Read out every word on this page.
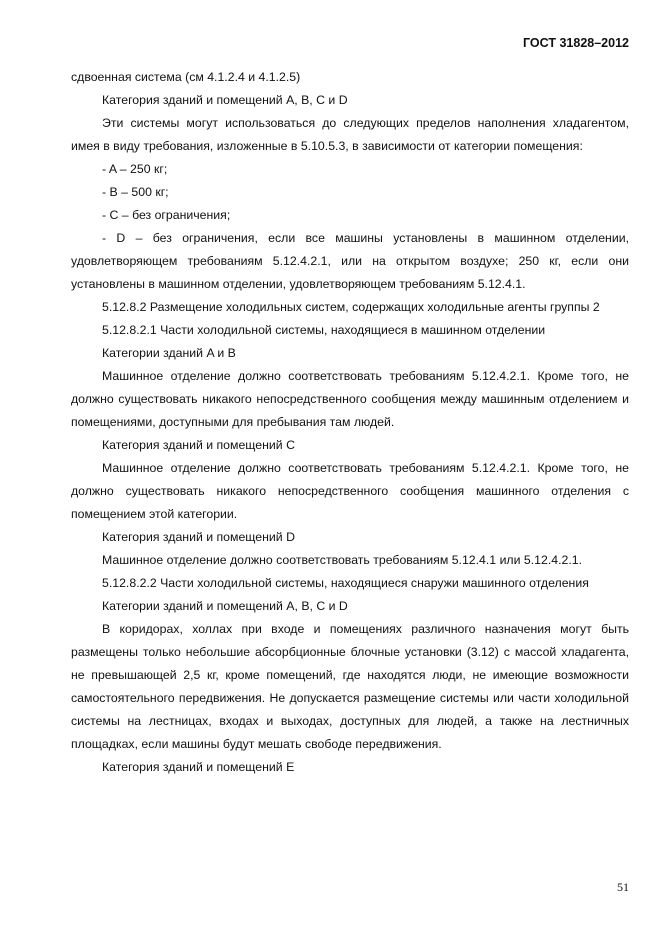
ГОСТ 31828–2012

сдвоенная система (см 4.1.2.4 и 4.1.2.5)

Категория зданий и помещений A, B, C и D

Эти системы могут использоваться до следующих пределов наполнения хладагентом, имея в виду требования, изложенные в 5.10.5.3, в зависимости от категории помещения:

- A – 250 кг;

- B – 500 кг;

- C – без ограничения;

- D – без ограничения, если все машины установлены в машинном отделении, удовлетворяющем требованиям 5.12.4.2.1, или на открытом воздухе; 250 кг, если они установлены в машинном отделении, удовлетворяющем требованиям 5.12.4.1.

5.12.8.2 Размещение холодильных систем, содержащих холодильные агенты группы 2

5.12.8.2.1 Части холодильной системы, находящиеся в машинном отделении

Категории зданий A и B

Машинное отделение должно соответствовать требованиям 5.12.4.2.1. Кроме того, не должно существовать никакого непосредственного сообщения между машинным отделением и помещениями, доступными для пребывания там людей.

Категория зданий и помещений C

Машинное отделение должно соответствовать требованиям 5.12.4.2.1. Кроме того, не должно существовать никакого непосредственного сообщения машинного отделения с помещением этой категории.

Категория зданий и помещений D

Машинное отделение должно соответствовать требованиям 5.12.4.1 или 5.12.4.2.1.

5.12.8.2.2 Части холодильной системы, находящиеся снаружи машинного отделения

Категории зданий и помещений A, B, C и D

В коридорах, холлах при входе и помещениях различного назначения могут быть размещены только небольшие абсорбционные блочные установки (3.12) с массой хладагента, не превышающей 2,5 кг, кроме помещений, где находятся люди, не имеющие возможности самостоятельного передвижения. Не допускается размещение системы или части холодильной системы на лестницах, входах и выходах, доступных для людей, а также на лестничных площадках, если машины будут мешать свободе передвижения.

Категория зданий и помещений E

51
